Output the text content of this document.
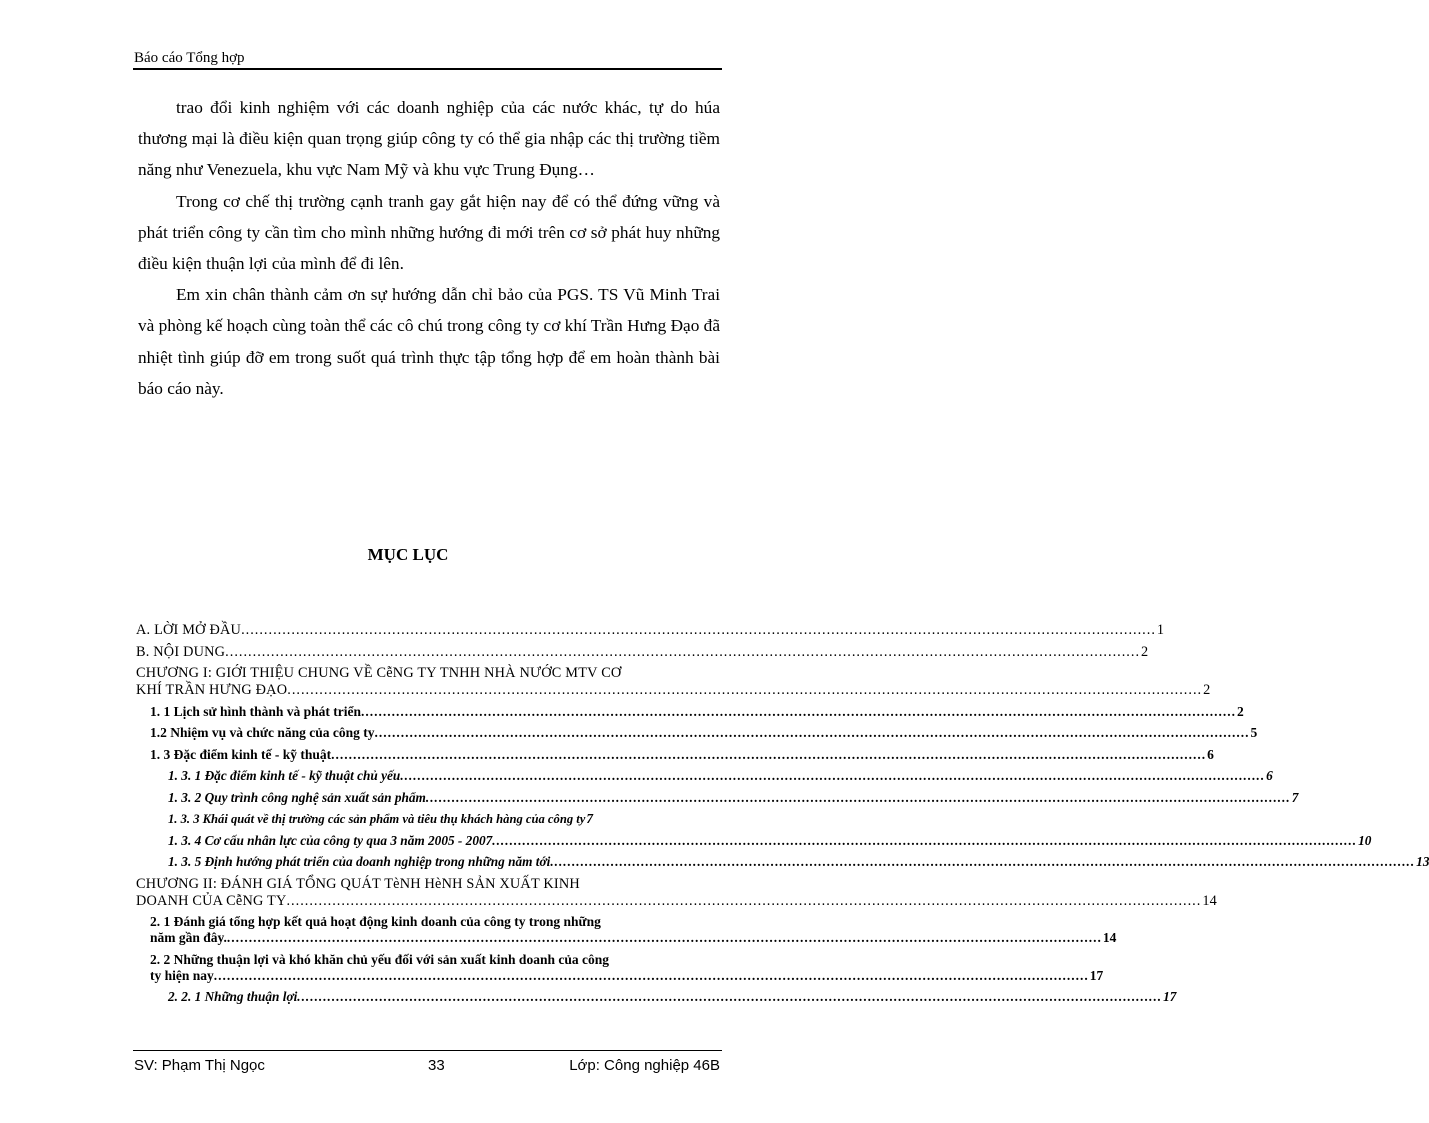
Báo cáo Tổng hợp

trao đổi kinh nghiệm với các doanh nghiệp của các nước khác, tự do húa thương mại là điều kiện quan trọng giúp công ty có thể gia nhập các thị trường tiềm năng như Venezuela, khu vực Nam Mỹ và khu vực Trung Đụng…

Trong cơ chế thị trường cạnh tranh gay gắt hiện nay để có thể đứng vững và phát triển công ty cần tìm cho mình những hướng đi mới trên cơ sở phát huy những điều kiện thuận lợi của mình để đi lên.

Em xin chân thành cảm ơn sự hướng dẫn chỉ bảo của PGS. TS Vũ Minh Trai và phòng kế hoạch cùng toàn thể các cô chú trong công ty cơ khí Trần Hưng Đạo đã nhiệt tình giúp đỡ em trong suốt quá trình thực tập tổng hợp để em hoàn thành bài báo cáo này.

MỤC LỤC
A. LỜI MỞ ĐẦU .....	1
B. NỘI DUNG .....	2
CHƯƠNG I: GIỚI THIỆU CHUNG VỀ CễNG TY TNHH NHÀ NƯỚC MTV CƠ
KHÍ TRẦN HƯNG ĐẠO .....	2
1. 1 Lịch sử hình thành và phát triển .....	2
1.2 Nhiệm vụ và chức năng của công ty .....	5
1. 3 Đặc điểm kinh tế - kỹ thuật .....	6
1. 3. 1 Đặc điểm kinh tế - kỹ thuật chủ yếu .....	6
1. 3. 2 Quy trình công nghệ sản xuất sản phẩm .....	7
1. 3. 3 Khái quát về thị trường các sản phẩm và tiêu thụ khách hàng của công ty 7
1. 3. 4 Cơ cấu nhân lực của công ty qua 3 năm 2005 - 2007 .....	10
1. 3. 5 Định hướng phát triển của doanh nghiệp trong những năm tới .....	13
CHƯƠNG II: ĐÁNH GIÁ TỔNG QUÁT TèNH HèNH SẢN XUẤT KINH
DOANH CỦA CễNG TY .....	14
2. 1 Đánh giá tổng hợp kết quả hoạt động kinh doanh của công ty trong những
năm gần đây. .....	14
2. 2 Những thuận lợi và khó khăn chủ yếu đối với sản xuất kinh doanh của công
ty hiện nay .....	17
2. 2. 1 Những thuận lợi .....	17
SV: Phạm Thị Ngọc	33	Lớp: Công nghiệp 46B
